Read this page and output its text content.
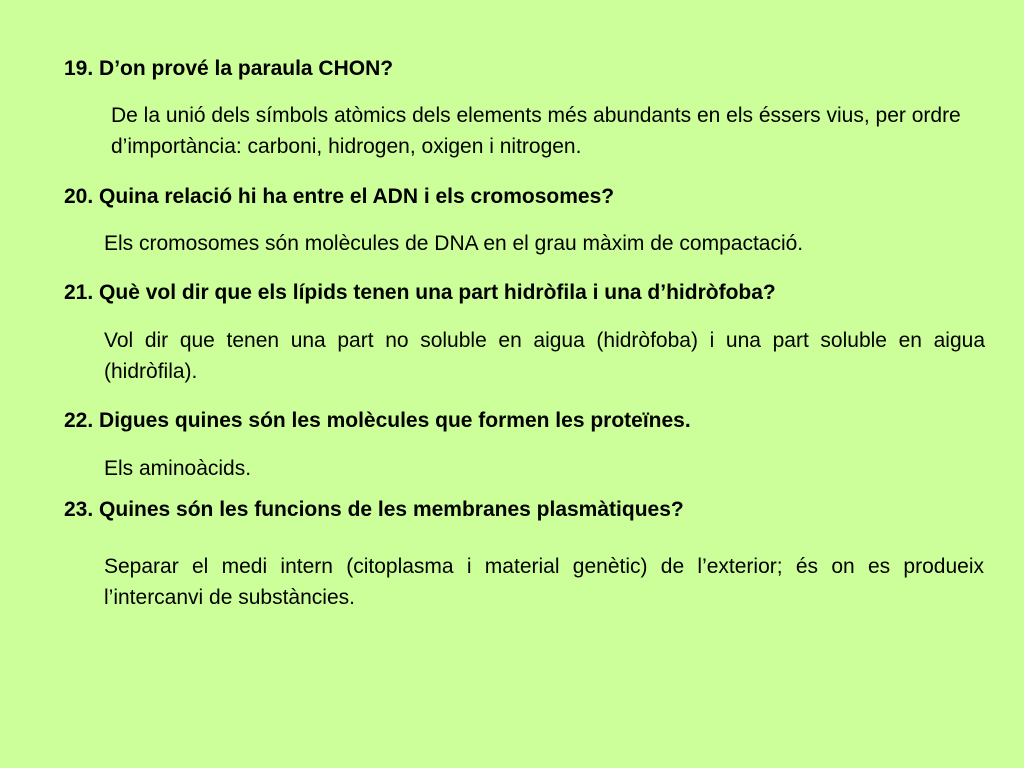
19. D’on prové la paraula CHON?
De la unió dels símbols atòmics dels elements més abundants en els éssers vius, per ordre d’importància: carboni, hidrogen, oxigen i nitrogen.
20. Quina relació hi ha entre el ADN i els cromosomes?
Els cromosomes són molècules de DNA en el grau màxim de compactació.
21. Què vol dir que els lípids tenen una part hidròfila i una d’hidròfoba?
Vol dir que tenen una part no soluble en aigua (hidròfoba) i una part soluble en aigua (hidròfila).
22. Digues quines són les molècules que formen les proteïnes.
Els aminoàcids.
23. Quines són les funcions de les membranes plasmàtiques?
Separar el medi intern (citoplasma i material genètic) de l’exterior; és on es produeix l’intercanvi de substàncies.
